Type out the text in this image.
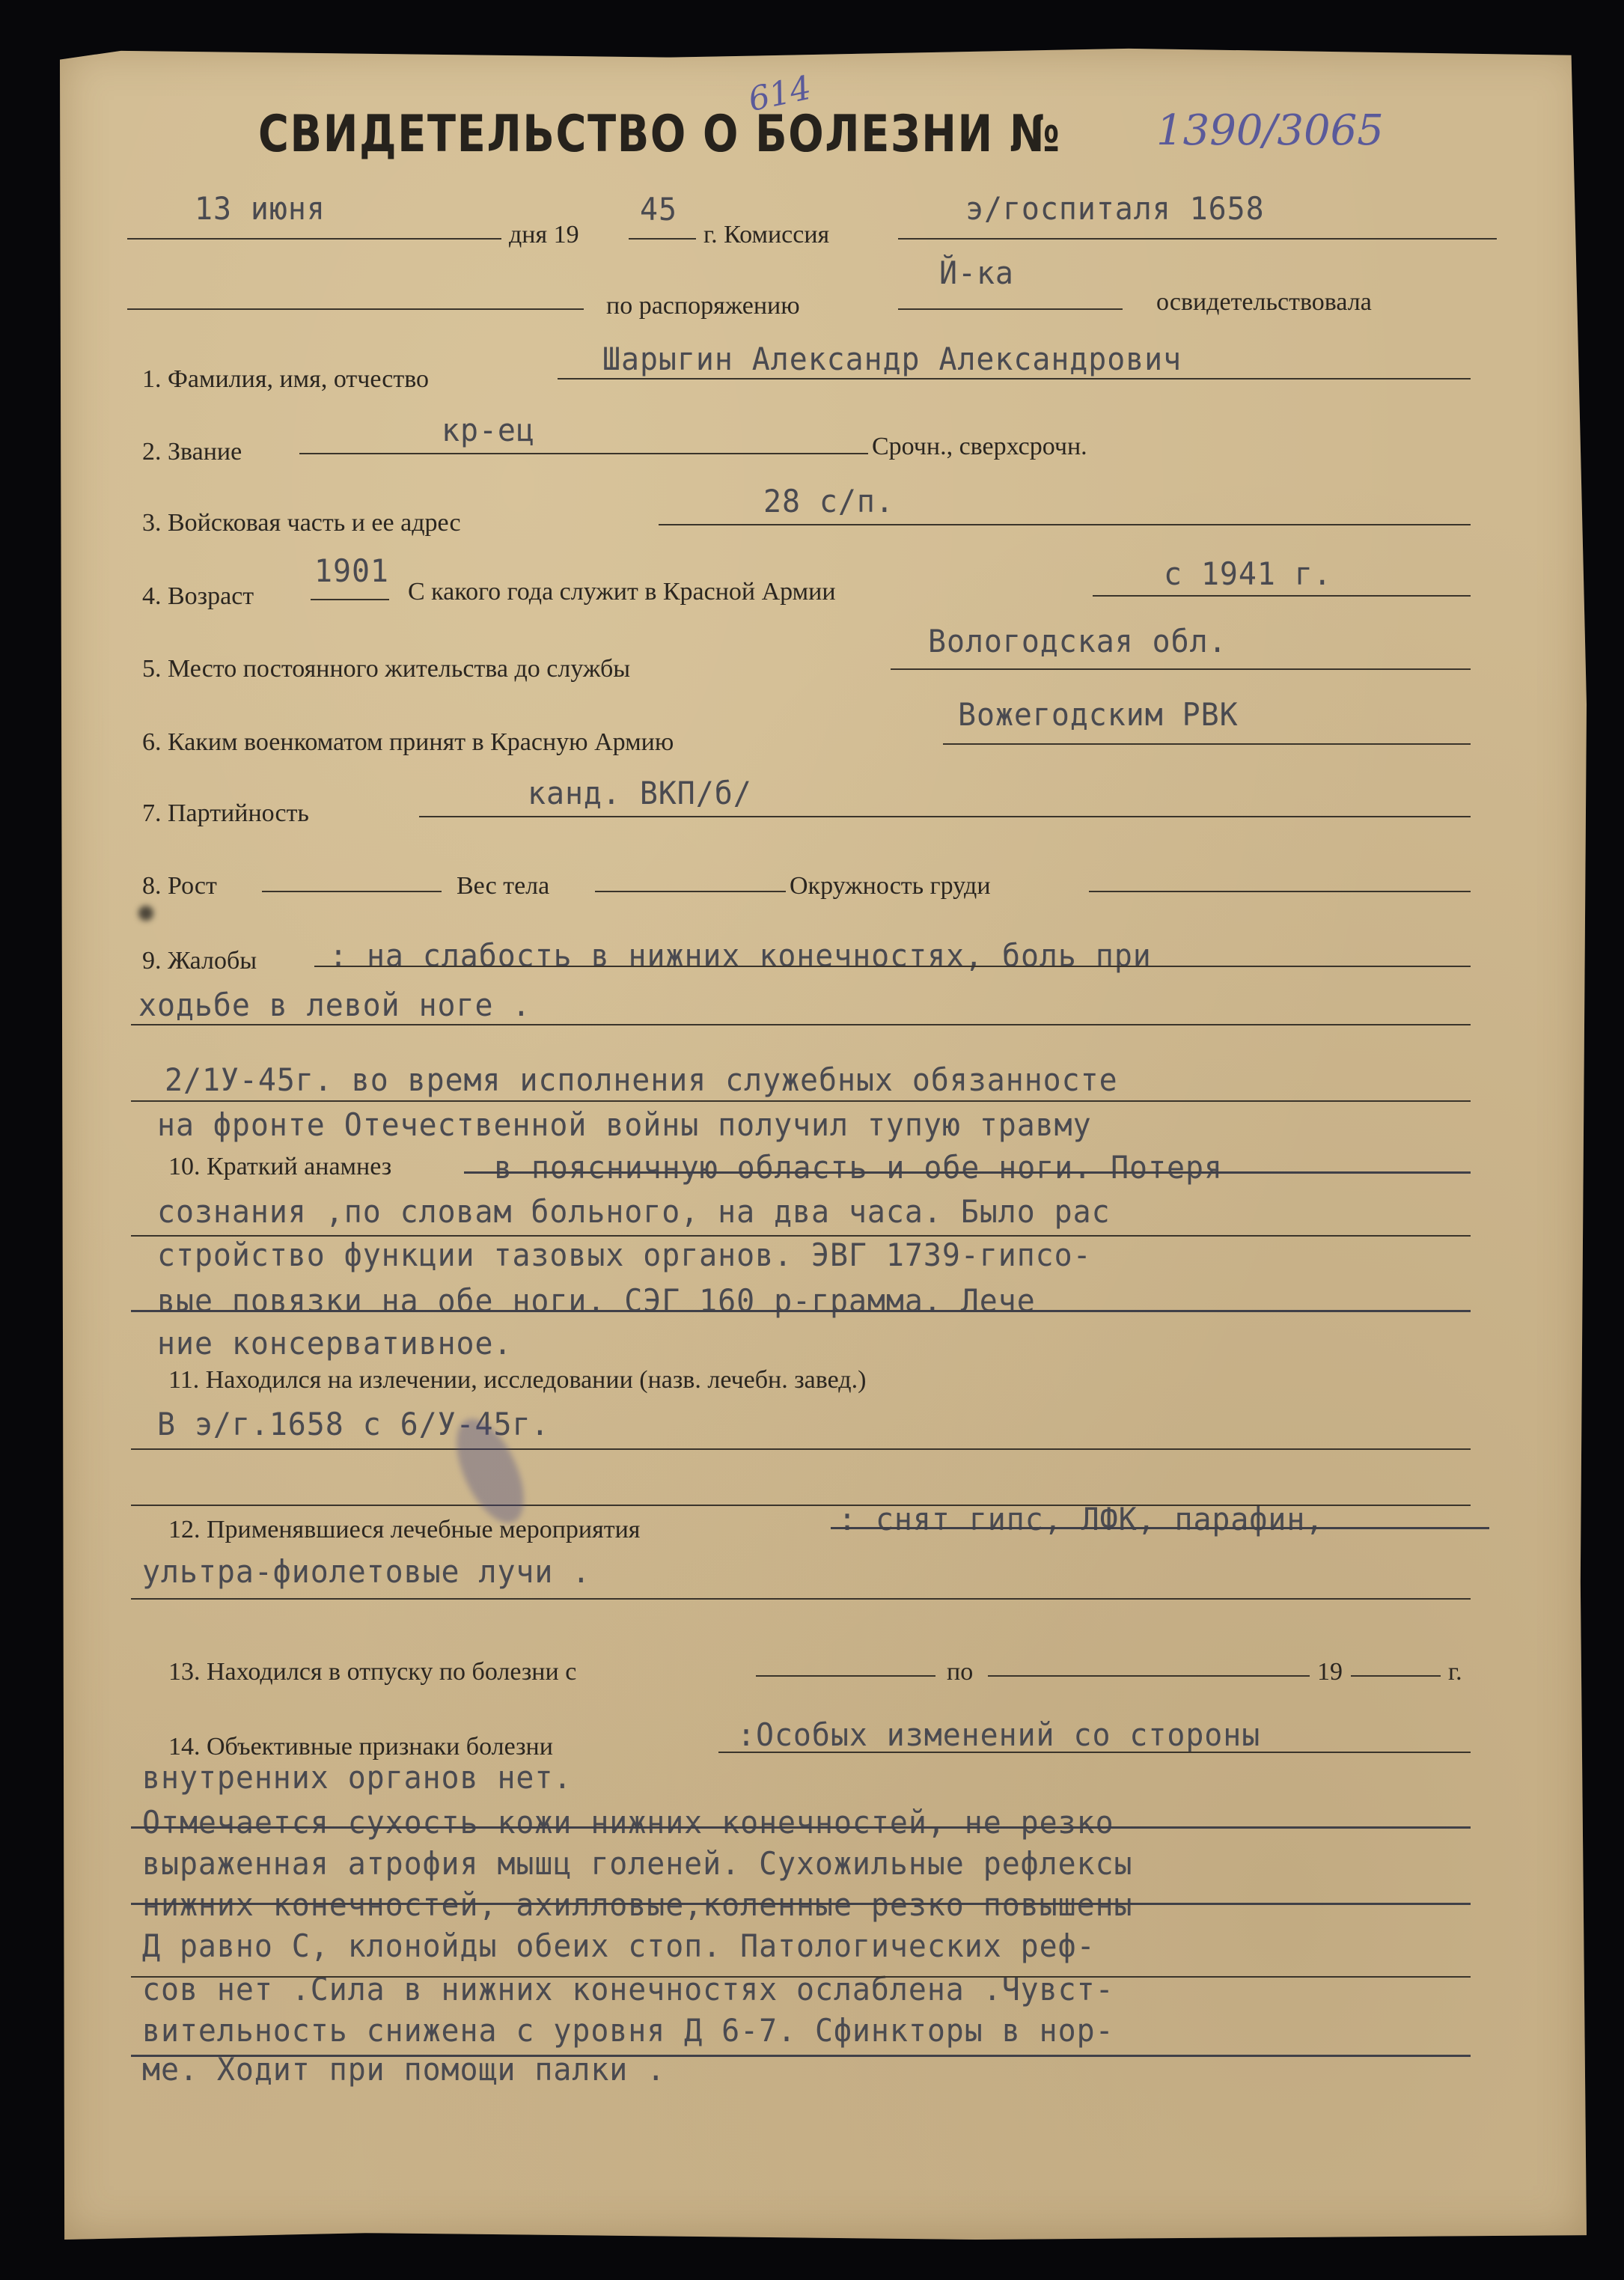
СВИДЕТЕЛЬСТВО О БОЛЕЗНИ № 1390/3065
614
13 июня
дня 19
45
г. Комиссия
э/госпиталя 1658
по распоряжению
Й-ка
освидетельствовала
1. Фамилия, имя, отчество
Шарыгин Александр Александрович
2. Звание
кр-ец	Срочн., сверхсрочн.
3. Войсковая часть и ее адрес
28 с/п.
4. Возраст
1901
С какого года служит в Красной Армии	с 1941 г.
5. Место постоянного жительства до службы
Вологодская обл.
6. Каким военкоматом принят в Красную Армию
Вожегодским РВК
7. Партийность
канд. ВКП/б/
8. Рост	Вес тела	Окружность груди
9. Жалобы : на слабость в нижних конечностях, боль при
ходьбе в левой ноге .
2/1У-45г. во время исполнения служебных обязанносте
на фронте Отечественной войны получил тупую травму
10. Краткий анамнез	в поясничную область и обе ноги. Потеря
сознания ,по словам больного, на два часа. Было рас
стройство функции тазовых органов. ЭВГ 1739-гипсо-
вые повязки на обе ноги. СЭГ 160 р-грамма. Лече
ние консервативное.
11. Находился на излечении, исследовании (назв. лечебн. завед.)
В э/г.1658 с 6/У-45г.
12. Применявшиеся лечебные мероприятия	: снят гипс, ЛФК, парафин,
ультра-фиолетовые лучи .
13. Находился в отпуску по болезни с	по	19	г.
14. Объективные признаки болезни	:Особых изменений со стороны
внутренних органов нет.
Отмечается сухость кожи нижних конечностей, не резко
выраженная атрофия мышц голеней. Сухожильные рефлексы
нижних конечностей, ахилловые,коленные резко повышены
Д равно С, клонойды обеих стоп. Патологических реф-
сов нет .Сила в нижних конечностях ослаблена .Чувст-
вительность снижена с уровня Д 6-7. Сфинкторы в нор-
ме. Ходит при помощи палки .
